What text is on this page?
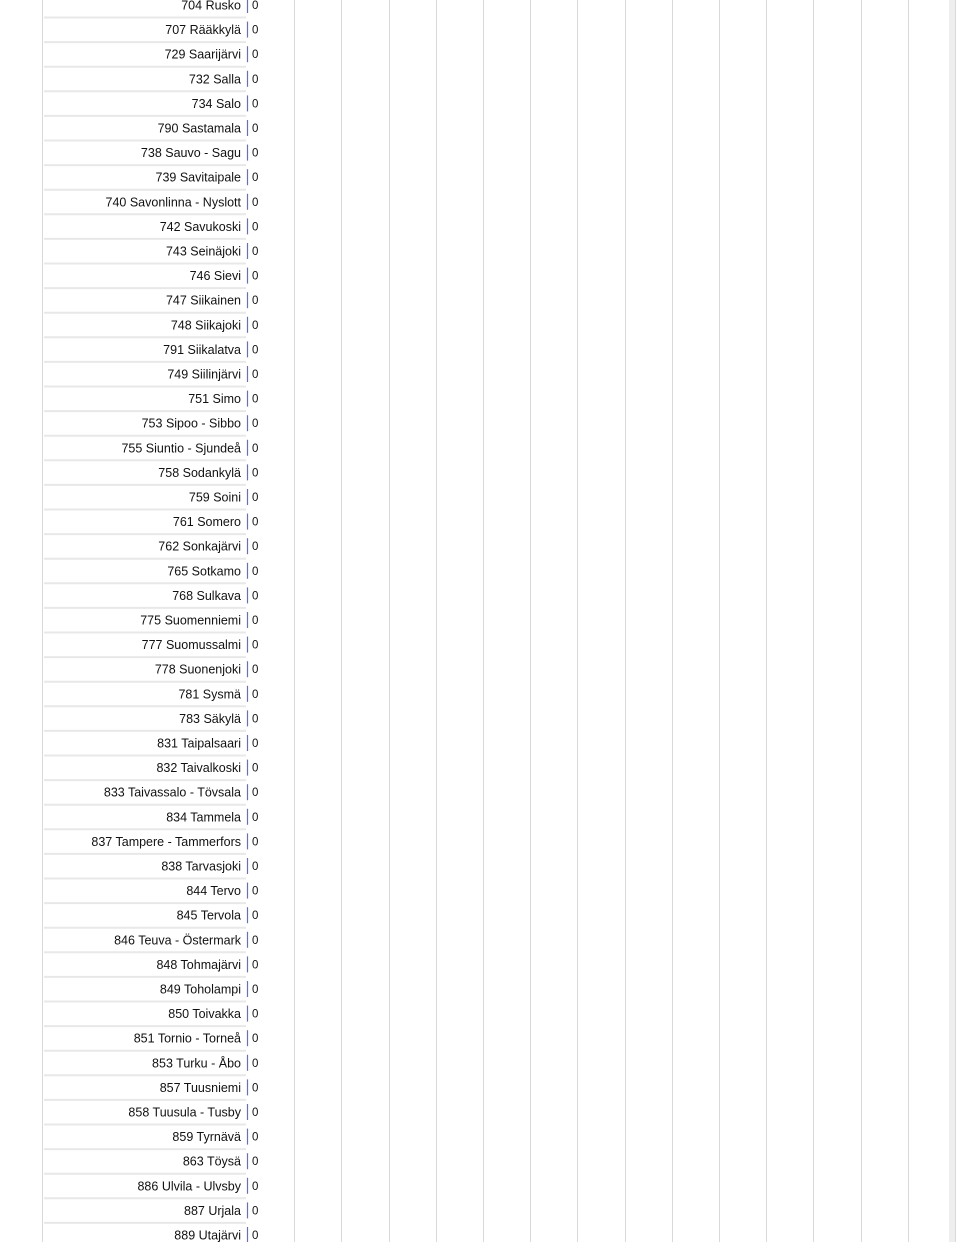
704 Rusko
707 Rääkkylä
729 Saarijärvi
732 Salla
734 Salo
790 Sastamala
738 Sauvo - Sagu
739 Savitaipale
740 Savonlinna - Nyslott
742 Savukoski
743 Seinäjoki
746 Sievi
747 Siikainen
748 Siikajoki
791 Siikalatva
749 Siilinjärvi
751 Simo
753 Sipoo - Sibbo
755 Siuntio - Sjundeå
758 Sodankylä
759 Soini
761 Somero
762 Sonkajärvi
765 Sotkamo
768 Sulkava
775 Suomenniemi
777 Suomussalmi
778 Suonenjoki
781 Sysmä
783 Säkylä
831 Taipalsaari
832 Taivalkoski
833 Taivassalo - Tövsala
834 Tammela
837 Tampere - Tammerfors
838 Tarvasjoki
844 Tervo
845 Tervola
846 Teuva - Östermark
848 Tohmajärvi
849 Toholampi
850 Toivakka
851 Tornio - Torneå
853 Turku - Åbo
857 Tuusniemi
858 Tuusula - Tusby
859 Tyrnävä
863 Töysä
886 Ulvila - Ulvsby
887 Urjala
889 Utajärvi
0
0
0
0
0
0
0
0
0
0
0
0
0
0
0
0
0
0
0
0
0
0
0
0
0
0
0
0
0
0
0
0
0
0
0
0
0
0
0
0
0
0
0
0
0
0
0
0
0
0
0
